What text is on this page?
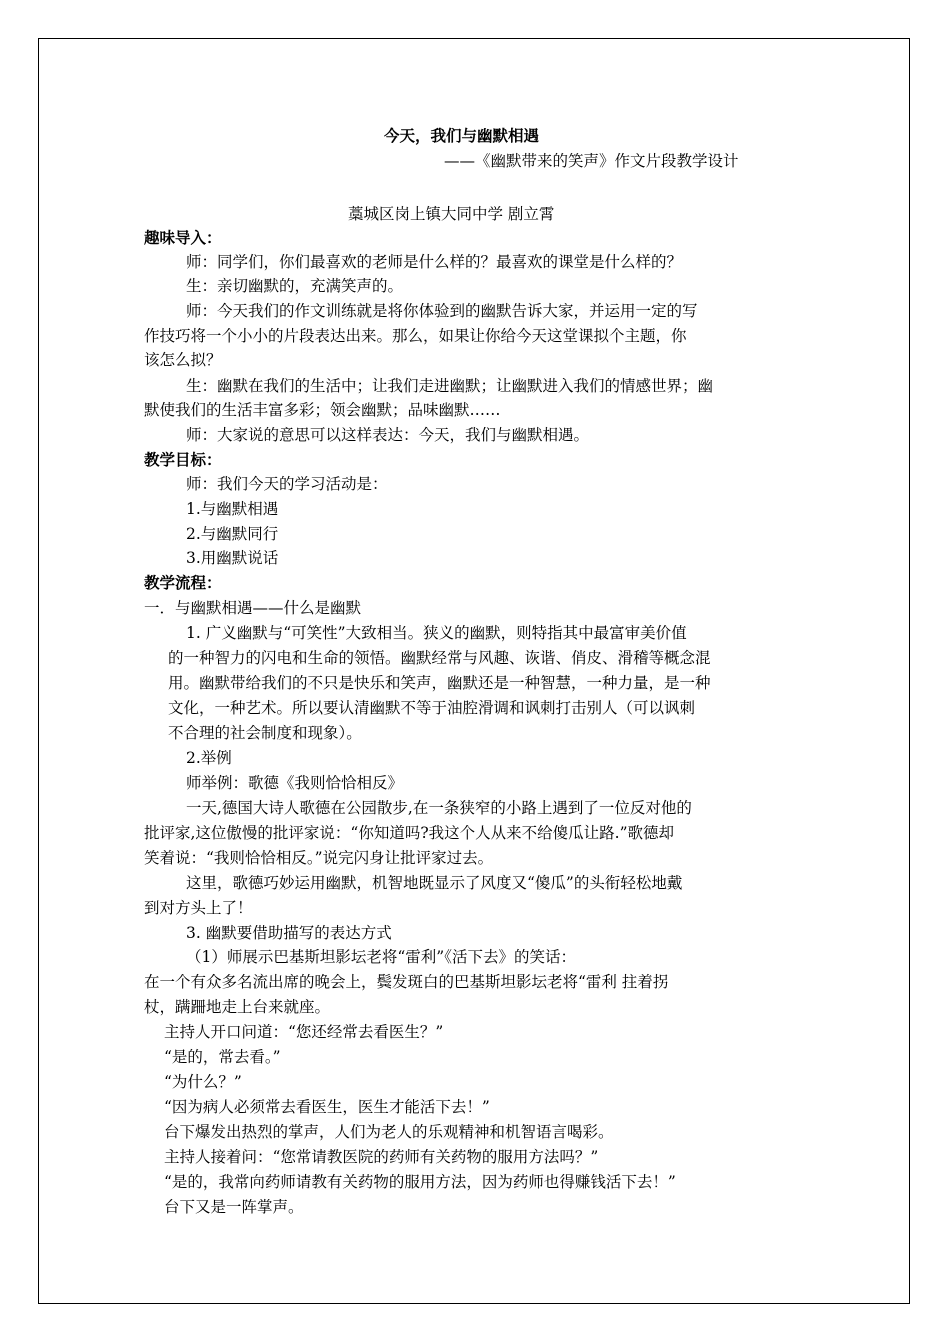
今天，我们与幽默相遇
——《幽默带来的笑声》作文片段教学设计
藁城区岗上镇大同中学 剧立霄
趣味导入：
师：同学们，你们最喜欢的老师是什么样的？最喜欢的课堂是什么样的？
生：亲切幽默的，充满笑声的。
师：今天我们的作文训练就是将你体验到的幽默告诉大家，并运用一定的写
作技巧将一个小小的片段表达出来。那么，如果让你给今天这堂课拟个主题，你
该怎么拟？
生：幽默在我们的生活中；让我们走进幽默；让幽默进入我们的情感世界；幽
默使我们的生活丰富多彩；领会幽默；品味幽默……
师：大家说的意思可以这样表达：今天，我们与幽默相遇。
教学目标：
师：我们今天的学习活动是：
1.与幽默相遇
2.与幽默同行
3.用幽默说话
教学流程：
一．与幽默相遇——什么是幽默
1. 广义幽默与“可笑性”大致相当。狭义的幽默，则特指其中最富审美价值
的一种智力的闪电和生命的领悟。幽默经常与风趣、诙谐、俏皮、滑稽等概念混
用。幽默带给我们的不只是快乐和笑声，幽默还是一种智慧，一种力量，是一种
文化，一种艺术。所以要认清幽默不等于油腔滑调和讽刺打击别人（可以讽刺
不合理的社会制度和现象）。
2.举例
师举例：歌德《我则恰恰相反》
一天,德国大诗人歌德在公园散步,在一条狭窄的小路上遇到了一位反对他的
批评家,这位傲慢的批评家说：“你知道吗?我这个人从来不给傻瓜让路.”歌德却
笑着说：“我则恰恰相反。”说完闪身让批评家过去。
这里，歌德巧妙运用幽默，机智地既显示了风度又“傻瓜”的头衔轻松地戴
到对方头上了！
3. 幽默要借助描写的表达方式
（1）师展示巴基斯坦影坛老将“雷利”《活下去》的笑话：
在一个有众多名流出席的晚会上，鬓发斑白的巴基斯坦影坛老将“雷利 拄着拐
杖，蹒跚地走上台来就座。
主持人开口问道：“您还经常去看医生？”
“是的，常去看。”
“为什么？”
“因为病人必须常去看医生，医生才能活下去！”
台下爆发出热烈的掌声，人们为老人的乐观精神和机智语言喝彩。
主持人接着问：“您常请教医院的药师有关药物的服用方法吗？”
“是的，我常向药师请教有关药物的服用方法，因为药师也得赚钱活下去！”
台下又是一阵掌声。
